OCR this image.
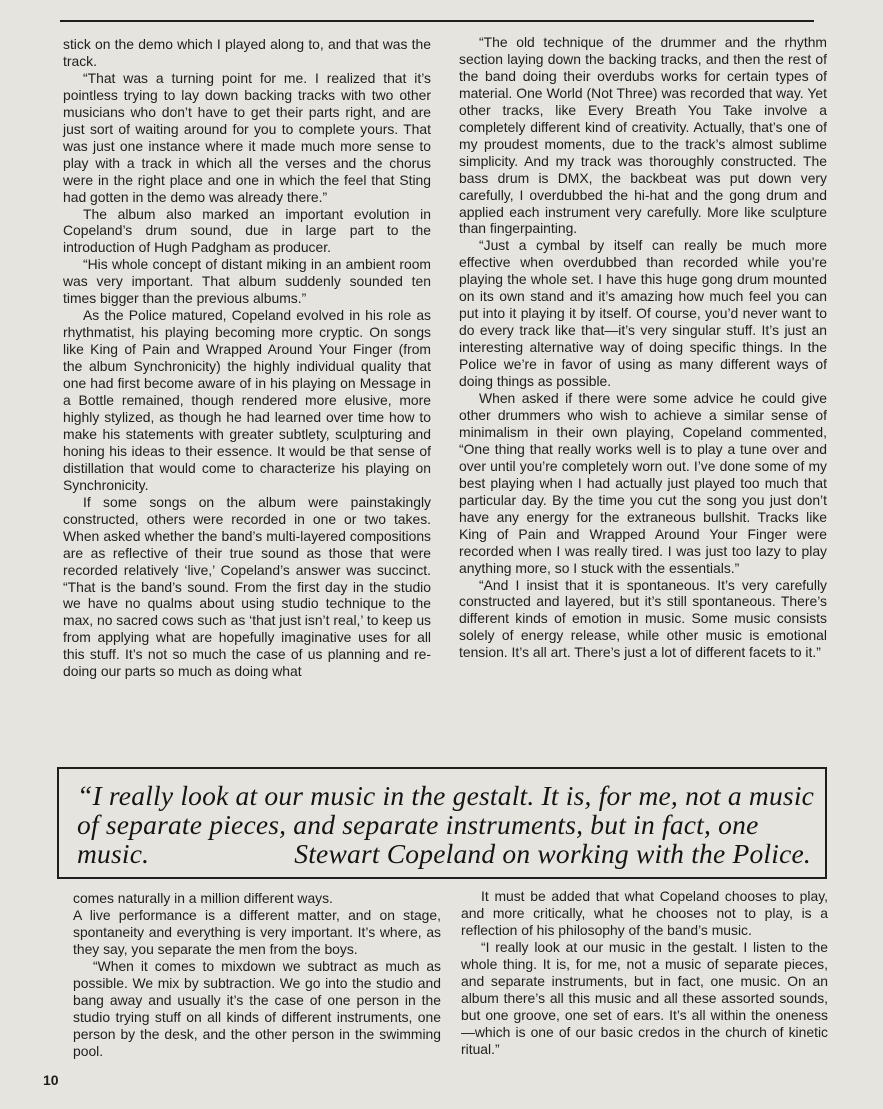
stick on the demo which I played along to, and that was the track.

“That was a turning point for me. I realized that it’s pointless trying to lay down backing tracks with two other musicians who don’t have to get their parts right, and are just sort of waiting around for you to complete yours. That was just one instance where it made much more sense to play with a track in which all the verses and the chorus were in the right place and one in which the feel that Sting had gotten in the demo was already there.”

The album also marked an important evolution in Copeland’s drum sound, due in large part to the introduction of Hugh Padgham as producer.

“His whole concept of distant miking in an ambient room was very important. That album suddenly sounded ten times bigger than the previous albums.”

As the Police matured, Copeland evolved in his role as rhythmatist, his playing becoming more cryptic. On songs like King of Pain and Wrapped Around Your Finger (from the album Synchronicity) the highly individual quality that one had first become aware of in his playing on Message in a Bottle remained, though rendered more elusive, more highly stylized, as though he had learned over time how to make his statements with greater subtlety, sculpturing and honing his ideas to their essence. It would be that sense of distillation that would come to characterize his playing on Synchronicity.

If some songs on the album were painstakingly constructed, others were recorded in one or two takes. When asked whether the band’s multi-layered compositions are as reflective of their true sound as those that were recorded relatively ‘live,’ Copeland’s answer was succinct. “That is the band’s sound. From the first day in the studio we have no qualms about using studio technique to the max, no sacred cows such as ‘that just isn’t real,’ to keep us from applying what are hopefully imaginative uses for all this stuff. It’s not so much the case of us planning and re-doing our parts so much as doing what

“The old technique of the drummer and the rhythm section laying down the backing tracks, and then the rest of the band doing their overdubs works for certain types of material. One World (Not Three) was recorded that way. Yet other tracks, like Every Breath You Take involve a completely different kind of creativity. Actually, that’s one of my proudest moments, due to the track’s almost sublime simplicity. And my track was thoroughly constructed. The bass drum is DMX, the backbeat was put down very carefully, I overdubbed the hi-hat and the gong drum and applied each instrument very carefully. More like sculpture than fingerpainting.

“Just a cymbal by itself can really be much more effective when overdubbed than recorded while you’re playing the whole set. I have this huge gong drum mounted on its own stand and it’s amazing how much feel you can put into it playing it by itself. Of course, you’d never want to do every track like that—it’s very singular stuff. It’s just an interesting alternative way of doing specific things. In the Police we’re in favor of using as many different ways of doing things as possible.

When asked if there were some advice he could give other drummers who wish to achieve a similar sense of minimalism in their own playing, Copeland commented, “One thing that really works well is to play a tune over and over until you’re completely worn out. I’ve done some of my best playing when I had actually just played too much that particular day. By the time you cut the song you just don’t have any energy for the extraneous bullshit. Tracks like King of Pain and Wrapped Around Your Finger were recorded when I was really tired. I was just too lazy to play anything more, so I stuck with the essentials.”

“And I insist that it is spontaneous. It’s very carefully constructed and layered, but it’s still spontaneous. There’s different kinds of emotion in music. Some music consists solely of energy release, while other music is emotional tension. It’s all art. There’s just a lot of different facets to it.”

“I really look at our music in the gestalt. It is, for me, not a music
of separate pieces, and separate instruments, but in fact, one
music.	Stewart Copeland on working with the Police.

comes naturally in a million different ways.

A live performance is a different matter, and on stage, spontaneity and everything is very important. It’s where, as they say, you separate the men from the boys.

“When it comes to mixdown we subtract as much as possible. We mix by subtraction. We go into the studio and bang away and usually it’s the case of one person in the studio trying stuff on all kinds of different instruments, one person by the desk, and the other person in the swimming pool.

It must be added that what Copeland chooses to play, and more critically, what he chooses not to play, is a reflection of his philosophy of the band’s music.

“I really look at our music in the gestalt. I listen to the whole thing. It is, for me, not a music of separate pieces, and separate instruments, but in fact, one music. On an album there’s all this music and all these assorted sounds, but one groove, one set of ears. It’s all within the oneness—which is one of our basic credos in the church of kinetic ritual.”

10
